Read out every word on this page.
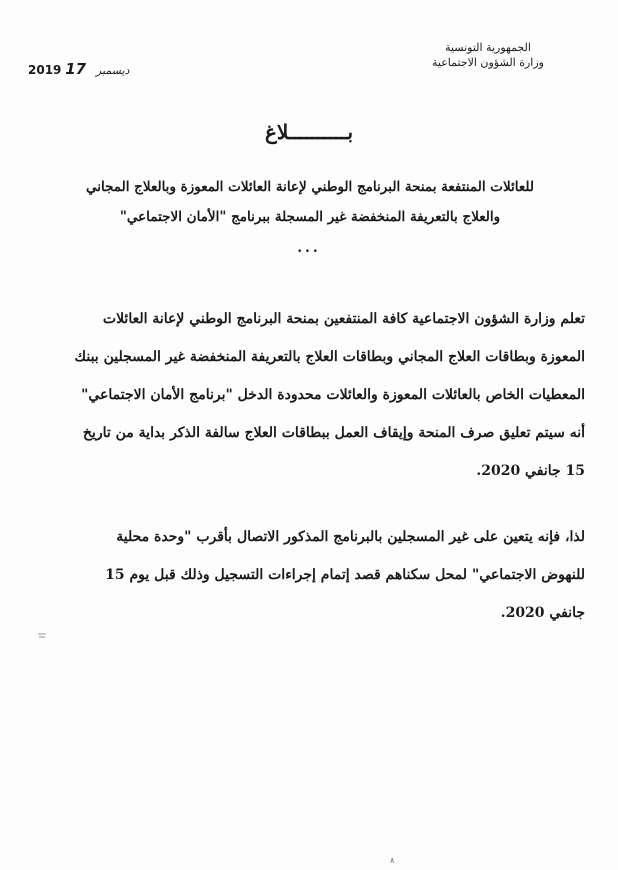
الجمهورية التونسية
وزارة الشؤون الاجتماعية
2019	ديسمبر 17
بــــــــــلاغ
للعائلات المنتفعة بمنحة البرنامج الوطني لإعانة العائلات المعوزة وبالعلاج المجاني
والعلاج بالتعريفة المنخفضة غير المسجلة ببرنامج "الأمان الاجتماعي"
...
تعلم وزارة الشؤون الاجتماعية كافة المنتفعين بمنحة البرنامج الوطني لإعانة العائلات
المعوزة وبطاقات العلاج المجاني وبطاقات العلاج بالتعريفة المنخفضة غير المسجلين ببنك
المعطيات الخاص بالعائلات المعوزة والعائلات محدودة الدخل "برنامج الأمان الاجتماعي"
أنه سيتم تعليق صرف المنحة وإيقاف العمل ببطاقات العلاج سالفة الذكر بداية من تاريخ
15 جانفي 2020.
لذا، فإنه يتعين على غير المسجلين بالبرنامج المذكور الاتصال بأقرب "وحدة محلية
للنهوض الاجتماعي" لمحل سكناهم قصد إتمام إجراءات التسجيل وذلك قبل يوم 15
جانفي 2020.
٨
